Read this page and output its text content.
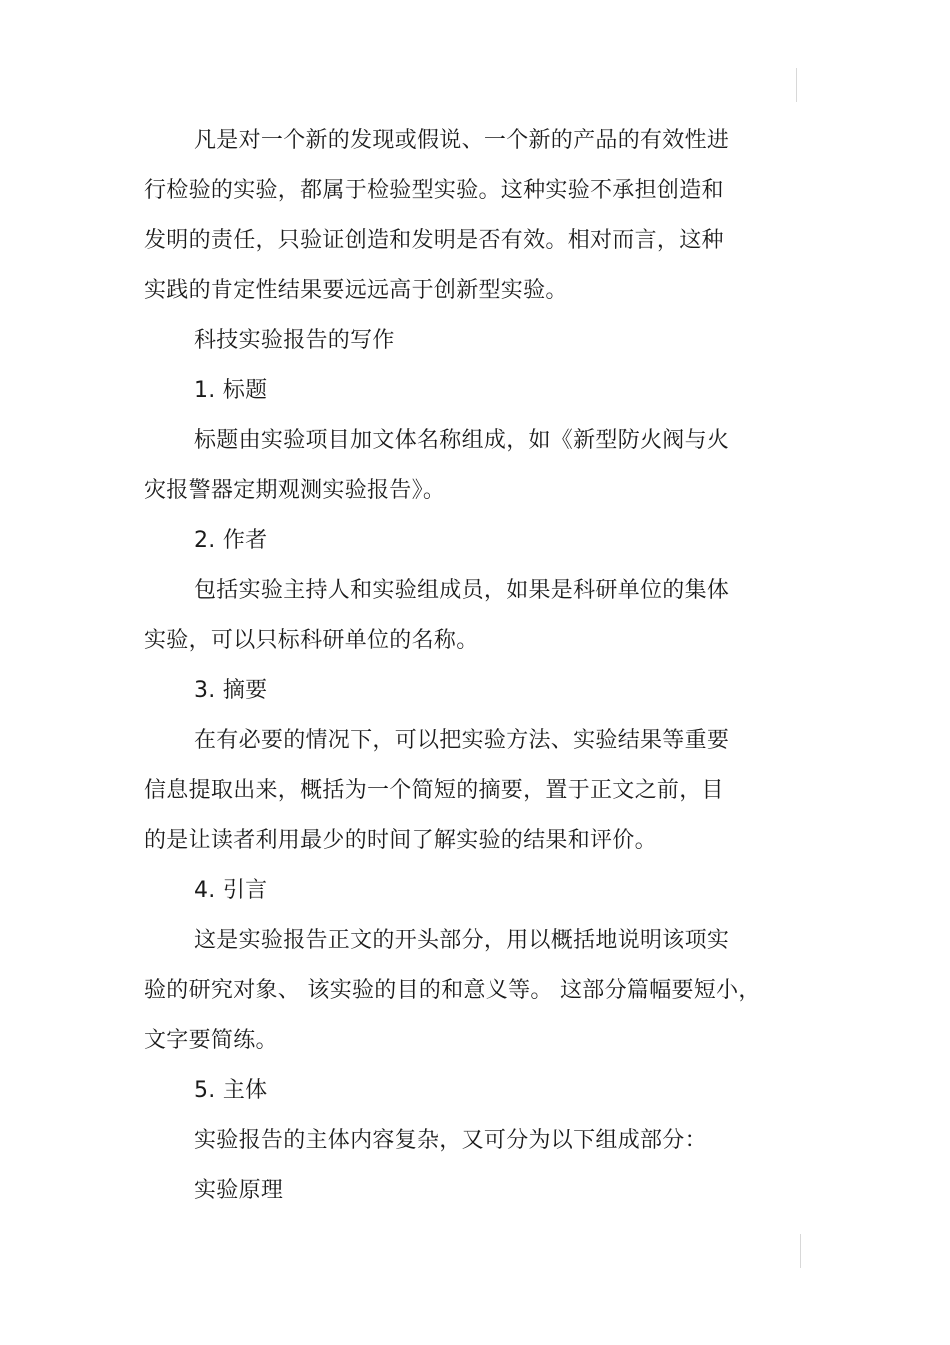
凡是对一个新的发现或假说、一个新的产品的有效性进
行检验的实验，都属于检验型实验。这种实验不承担创造和
发明的责任，只验证创造和发明是否有效。相对而言，这种
实践的肯定性结果要远远高于创新型实验。
科技实验报告的写作
1. 标题
标题由实验项目加文体名称组成，如《新型防火阀与火
灾报警器定期观测实验报告》。
2. 作者
包括实验主持人和实验组成员，如果是科研单位的集体
实验，可以只标科研单位的名称。
3. 摘要
在有必要的情况下，可以把实验方法、实验结果等重要
信息提取出来，概括为一个简短的摘要，置于正文之前，目
的是让读者利用最少的时间了解实验的结果和评价。
4. 引言
这是实验报告正文的开头部分，用以概括地说明该项实
验的研究对象、 该实验的目的和意义等。 这部分篇幅要短小，
文字要简练。
5. 主体
实验报告的主体内容复杂，又可分为以下组成部分：
实验原理
